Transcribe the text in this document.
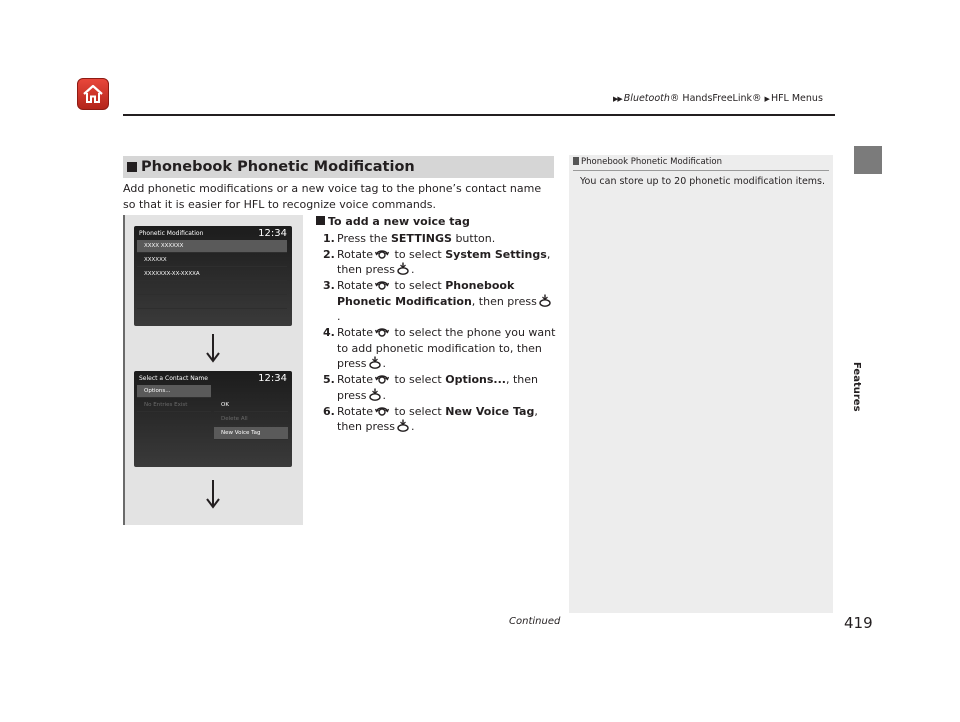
▶▶ Bluetooth® HandsFreeLink® ▶ HFL Menus
Features
Phonebook Phonetic Modification
Add phonetic modifications or a new voice tag to the phone’s contact name so that it is easier for HFL to recognize voice commands.
Phonetic Modification	12:34
XXXX XXXXXX
XXXXXX
XXXXXXX-XX-XXXXA
Select a Contact Name	12:34
Options...
No Entries Exist	OK
Delete All
New Voice Tag
To add a new voice tag
1. Press the SETTINGS button.
2. Rotate to select System Settings, then press .
3. Rotate to select Phonebook Phonetic Modification, then press.
4. Rotate to select the phone you want to add phonetic modification to, then press .
5. Rotate to select Options..., then press .
6. Rotate to select New Voice Tag, then press .
Phonebook Phonetic Modification
You can store up to 20 phonetic modification items.
Continued	419
